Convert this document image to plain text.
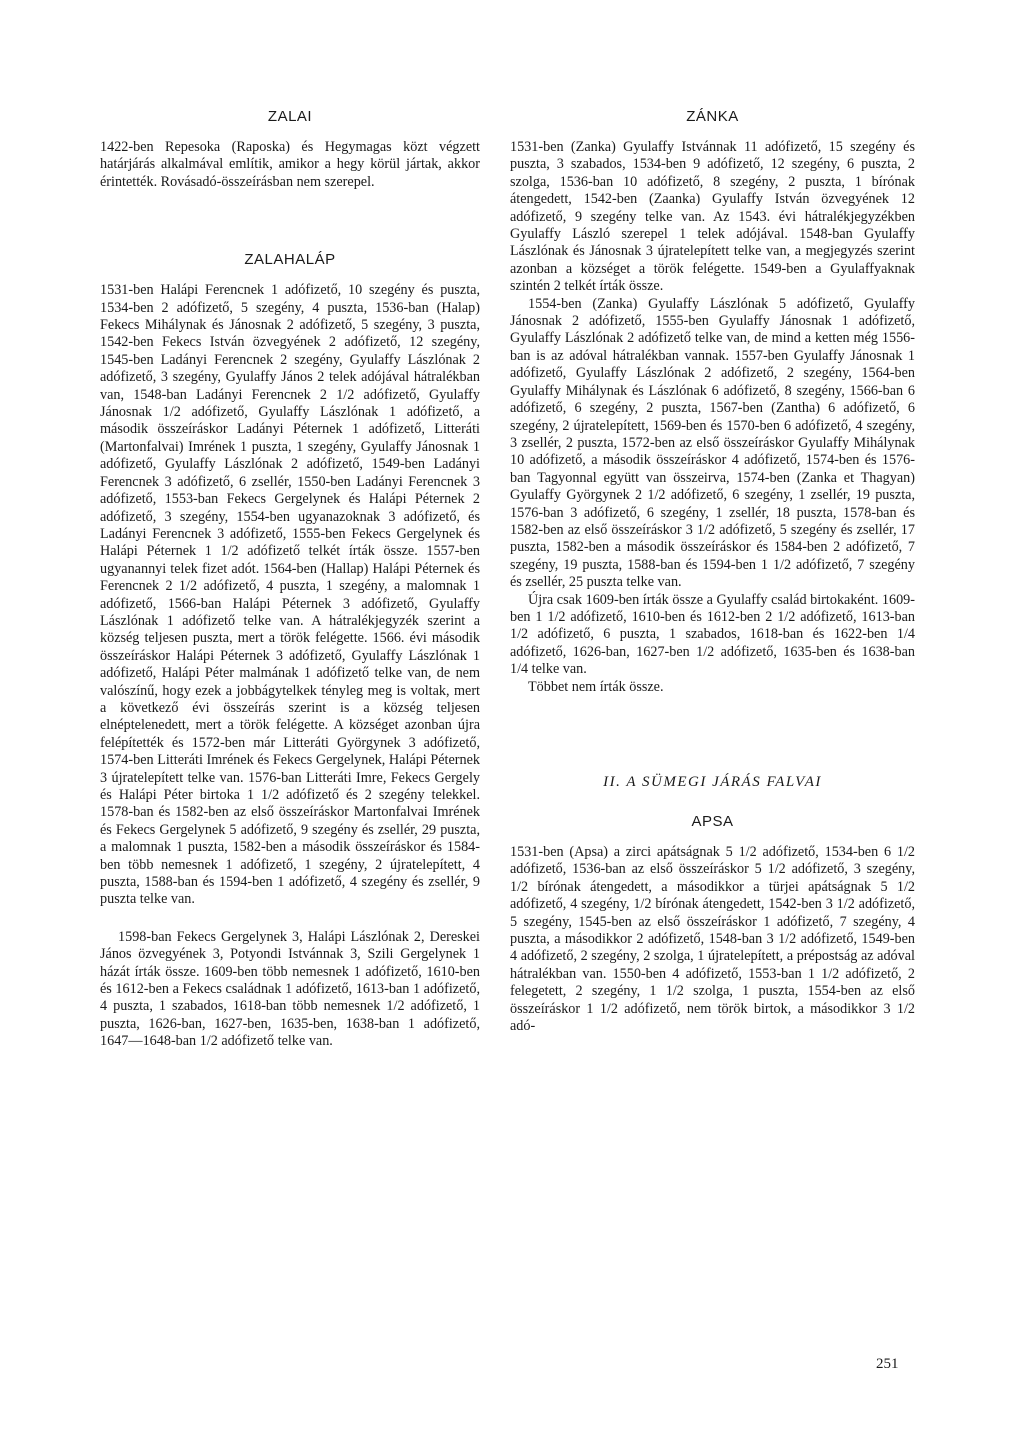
ZALAI

1422-ben Repesoka (Raposka) és Hegymagas közt végzett határjárás alkalmával említik, amikor a hegy körül jártak, akkor érintették. Rovásadó-összeírásban nem szerepel.

ZALAHALÁP

1531-ben Halápi Ferencnek 1 adófizető, 10 szegény és puszta, 1534-ben 2 adófizető, 5 szegény, 4 puszta, 1536-ban (Halap) Fekecs Mihálynak és Jánosnak 2 adófizető, 5 szegény, 3 puszta, 1542-ben Fekecs István özvegyének 2 adófizető, 12 szegény, 1545-ben Ladányi Ferencnek 2 szegény, Gyulaffy Lászlónak 2 adófizető, 3 szegény, Gyulaffy János 2 telek adójával hátralékban van, 1548-ban Ladányi Ferencnek 2 1/2 adófizető, Gyulaffy Jánosnak 1/2 adófizető, Gyulaffy Lászlónak 1 adófizető, a második összeíráskor Ladányi Péternek 1 adófizető, Litteráti (Martonfalvai) Imrének 1 puszta, 1 szegény, Gyulaffy Jánosnak 1 adófizető, Gyulaffy Lászlónak 2 adófizető, 1549-ben Ladányi Ferencnek 3 adófizető, 6 zsellér, 1550-ben Ladányi Ferencnek 3 adófizető, 1553-ban Fekecs Gergelynek és Halápi Péternek 2 adófizető, 3 szegény, 1554-ben ugyanazoknak 3 adófizető, és Ladányi Ferencnek 3 adófizető, 1555-ben Fekecs Gergelynek és Halápi Péternek 1 1/2 adófizető telkét írták össze. 1557-ben ugyanannyi telek fizet adót. 1564-ben (Hallap) Halápi Péternek és Ferencnek 2 1/2 adófizető, 4 puszta, 1 szegény, a malomnak 1 adófizető, 1566-ban Halápi Péternek 3 adófizető, Gyulaffy Lászlónak 1 adófizető telke van. A hátralékjegyzék szerint a község teljesen puszta, mert a török felégette. 1566. évi második összeíráskor Halápi Péternek 3 adófizető, Gyulaffy Lászlónak 1 adófizető, Halápi Péter malmának 1 adófizető telke van, de nem valószínű, hogy ezek a jobbágytelkek tényleg meg is voltak, mert a következő évi összeírás szerint is a község teljesen elnéptelenedett, mert a török felégette. A községet azonban újra felépítették és 1572-ben már Litteráti Györgynek 3 adófizető, 1574-ben Litteráti Imrének és Fekecs Gergelynek, Halápi Péternek 3 újratelepített telke van. 1576-ban Litteráti Imre, Fekecs Gergely és Halápi Péter birtoka 1 1/2 adófizető és 2 szegény telekkel. 1578-ban és 1582-ben az első összeíráskor Martonfalvai Imrének és Fekecs Gergelynek 5 adófizető, 9 szegény és zsellér, 29 puszta, a malomnak 1 puszta, 1582-ben a második összeíráskor és 1584-ben több nemesnek 1 adófizető, 1 szegény, 2 újratelepített, 4 puszta, 1588-ban és 1594-ben 1 adófizető, 4 szegény és zsellér, 9 puszta telke van.

1598-ban Fekecs Gergelynek 3, Halápi Lászlónak 2, Dereskei János özvegyének 3, Potyondi Istvánnak 3, Szili Gergelynek 1 házát írták össze. 1609-ben több nemesnek 1 adófizető, 1610-ben és 1612-ben a Fekecs családnak 1 adófizető, 1613-ban 1 adófizető, 4 puszta, 1 szabados, 1618-ban több nemesnek 1/2 adófizető, 1 puszta, 1626-ban, 1627-ben, 1635-ben, 1638-ban 1 adófizető, 1647—1648-ban 1/2 adófizető telke van.

ZÁNKA

1531-ben (Zanka) Gyulaffy Istvánnak 11 adófizető, 15 szegény és puszta, 3 szabados, 1534-ben 9 adófizető, 12 szegény, 6 puszta, 2 szolga, 1536-ban 10 adófizető, 8 szegény, 2 puszta, 1 bírónak átengedett, 1542-ben (Zaanka) Gyulaffy István özvegyének 12 adófizető, 9 szegény telke van. Az 1543. évi hátralékjegyzékben Gyulaffy László szerepel 1 telek adójával. 1548-ban Gyulaffy Lászlónak és Jánosnak 3 újratelepített telke van, a megjegyzés szerint azonban a községet a török felégette. 1549-ben a Gyulaffyaknak szintén 2 telkét írták össze.

1554-ben (Zanka) Gyulaffy Lászlónak 5 adófizető, Gyulaffy Jánosnak 2 adófizető, 1555-ben Gyulaffy Jánosnak 1 adófizető, Gyulaffy Lászlónak 2 adófizető telke van, de mind a ketten még 1556-ban is az adóval hátralékban vannak. 1557-ben Gyulaffy Jánosnak 1 adófizető, Gyulaffy Lászlónak 2 adófizető, 2 szegény, 1564-ben Gyulaffy Mihálynak és Lászlónak 6 adófizető, 8 szegény, 1566-ban 6 adófizető, 6 szegény, 2 puszta, 1567-ben (Zantha) 6 adófizető, 6 szegény, 2 újratelepített, 1569-ben és 1570-ben 6 adófizető, 4 szegény, 3 zsellér, 2 puszta, 1572-ben az első összeíráskor Gyulaffy Mihálynak 10 adófizető, a második összeíráskor 4 adófizető, 1574-ben és 1576-ban Tagyonnal együtt van összeirva, 1574-ben (Zanka et Thagyan) Gyulaffy Györgynek 2 1/2 adófizető, 6 szegény, 1 zsellér, 19 puszta, 1576-ban 3 adófizető, 6 szegény, 1 zsellér, 18 puszta, 1578-ban és 1582-ben az első összeíráskor 3 1/2 adófizető, 5 szegény és zsellér, 17 puszta, 1582-ben a második összeíráskor és 1584-ben 2 adófizető, 7 szegény, 19 puszta, 1588-ban és 1594-ben 1 1/2 adófizető, 7 szegény és zsellér, 25 puszta telke van.

Újra csak 1609-ben írták össze a Gyulaffy család birtokaként. 1609-ben 1 1/2 adófizető, 1610-ben és 1612-ben 2 1/2 adófizető, 1613-ban 1/2 adófizető, 6 puszta, 1 szabados, 1618-ban és 1622-ben 1/4 adófizető, 1626-ban, 1627-ben 1/2 adófizető, 1635-ben és 1638-ban 1/4 telke van.

Többet nem írták össze.

II. A SÜMEGI JÁRÁS FALVAI
APSA

1531-ben (Apsa) a zirci apátságnak 5 1/2 adófizető, 1534-ben 6 1/2 adófizető, 1536-ban az első összeíráskor 5 1/2 adófizető, 3 szegény, 1/2 bírónak átengedett, a másodikkor a türjei apátságnak 5 1/2 adófizető, 4 szegény, 1/2 bírónak átengedett, 1542-ben 3 1/2 adófizető, 5 szegény, 1545-ben az első összeíráskor 1 adófizető, 7 szegény, 4 puszta, a másodikkor 2 adófizető, 1548-ban 3 1/2 adófizető, 1549-ben 4 adófizető, 2 szegény, 2 szolga, 1 újratelepített, a prépostság az adóval hátralékban van. 1550-ben 4 adófizető, 1553-ban 1 1/2 adófizető, 2 felegetett, 2 szegény, 1 1/2 szolga, 1 puszta, 1554-ben az első összeíráskor 1 1/2 adófizető, nem török birtok, a másodikkor 3 1/2 adó-

251
